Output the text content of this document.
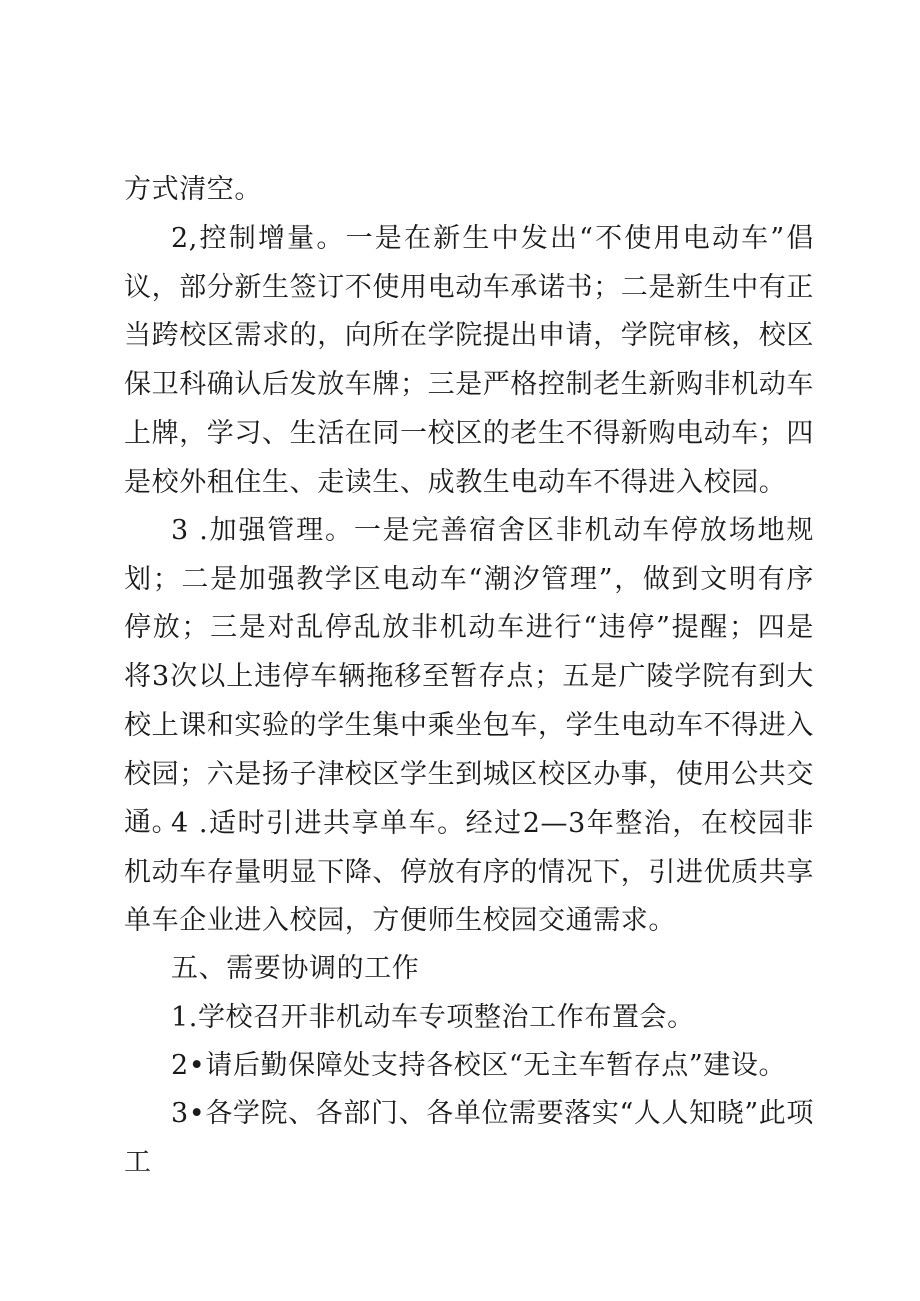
方式清空。
2,控制增量。一是在新生中发出“不使用电动车”倡议，部分新生签订不使用电动车承诺书；二是新生中有正当跨校区需求的，向所在学院提出申请，学院审核，校区保卫科确认后发放车牌；三是严格控制老生新购非机动车上牌，学习、生活在同一校区的老生不得新购电动车；四是校外租住生、走读生、成教生电动车不得进入校园。
3 .加强管理。一是完善宿舍区非机动车停放场地规划；二是加强教学区电动车“潮汐管理”，做到文明有序停放；三是对乱停乱放非机动车进行“违停”提醒；四是将3次以上违停车辆拖移至暂存点；五是广陵学院有到大校上课和实验的学生集中乘坐包车，学生电动车不得进入校园；六是扬子津校区学生到城区校区办事，使用公共交通。
4 .适时引进共享单车。经过2—3年整治，在校园非机动车存量明显下降、停放有序的情况下，引进优质共享单车企业进入校园，方便师生校园交通需求。
五、需要协调的工作
1.学校召开非机动车专项整治工作布置会。
2•请后勤保障处支持各校区“无主车暂存点”建设。
3•各学院、各部门、各单位需要落实“人人知晓”此项工
